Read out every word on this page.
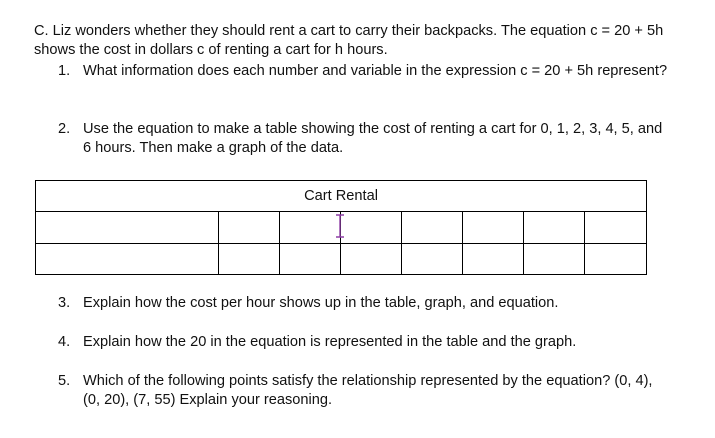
C. Liz wonders whether they should rent a cart to carry their backpacks. The equation c = 20 + 5h shows the cost in dollars c of renting a cart for h hours.

1. What information does each number and variable in the expression c = 20 + 5h represent?
2. Use the equation to make a table showing the cost of renting a cart for 0, 1, 2, 3, 4, 5, and 6 hours. Then make a graph of the data.
Cart Rental							

3. Explain how the cost per hour shows up in the table, graph, and equation.
4. Explain how the 20 in the equation is represented in the table and the graph.
5. Which of the following points satisfy the relationship represented by the equation? (0, 4), (0, 20), (7, 55) Explain your reasoning.
